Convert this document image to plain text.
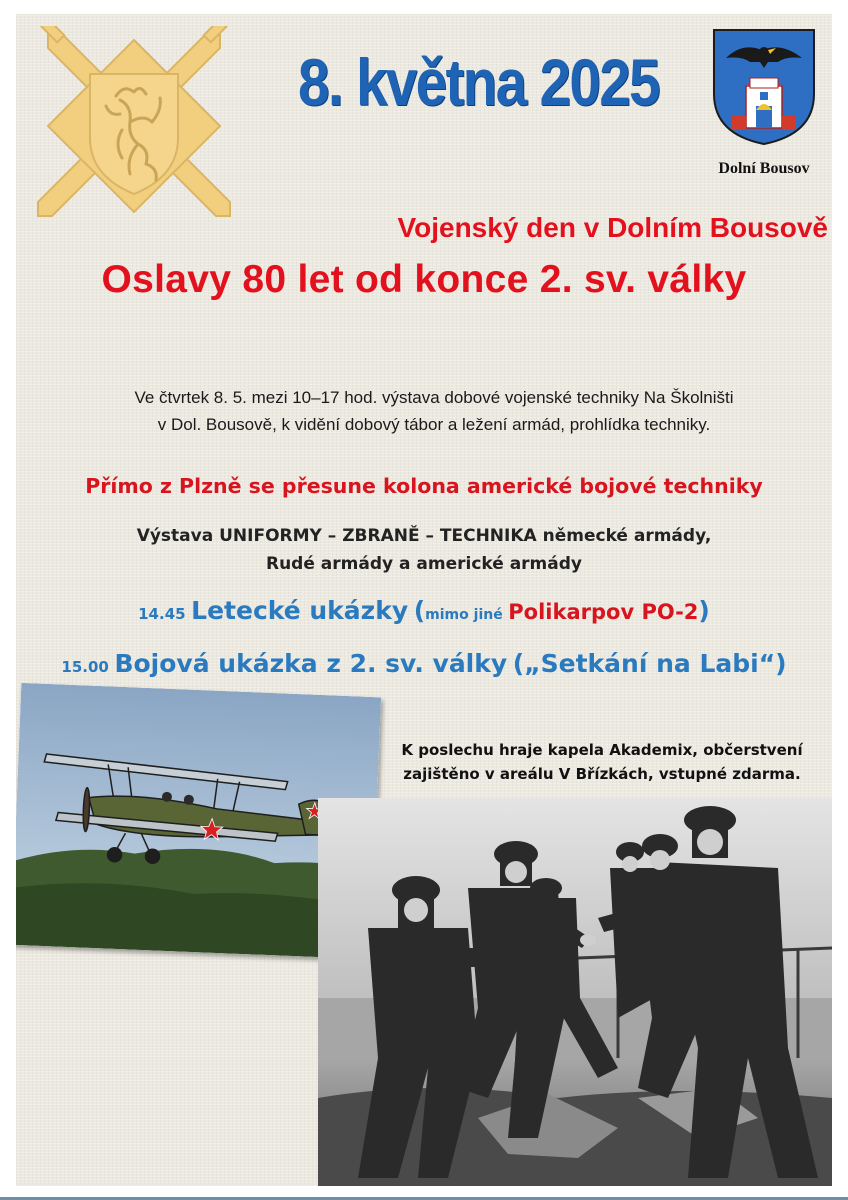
8. května 2025
Dolní Bousov
Vojenský den v Dolním Bousově
Oslavy 80 let od konce 2. sv. války
Ve čtvrtek 8. 5. mezi 10–17 hod. výstava dobové vojenské techniky Na Školništi
v Dol. Bousově, k vidění dobový tábor a ležení armád, prohlídka techniky.
Přímo z Plzně se přesune kolona americké bojové techniky
Výstava UNIFORMY – ZBRANĚ – TECHNIKA německé armády,
Rudé armády a americké armády
14.45 Letecké ukázky (mimo jiné Polikarpov PO-2)
15.00 Bojová ukázka z 2. sv. války („Setkání na Labi“)
K poslechu hraje kapela Akademix, občerstvení
zajištěno v areálu V Břízkách, vstupné zdarma.
